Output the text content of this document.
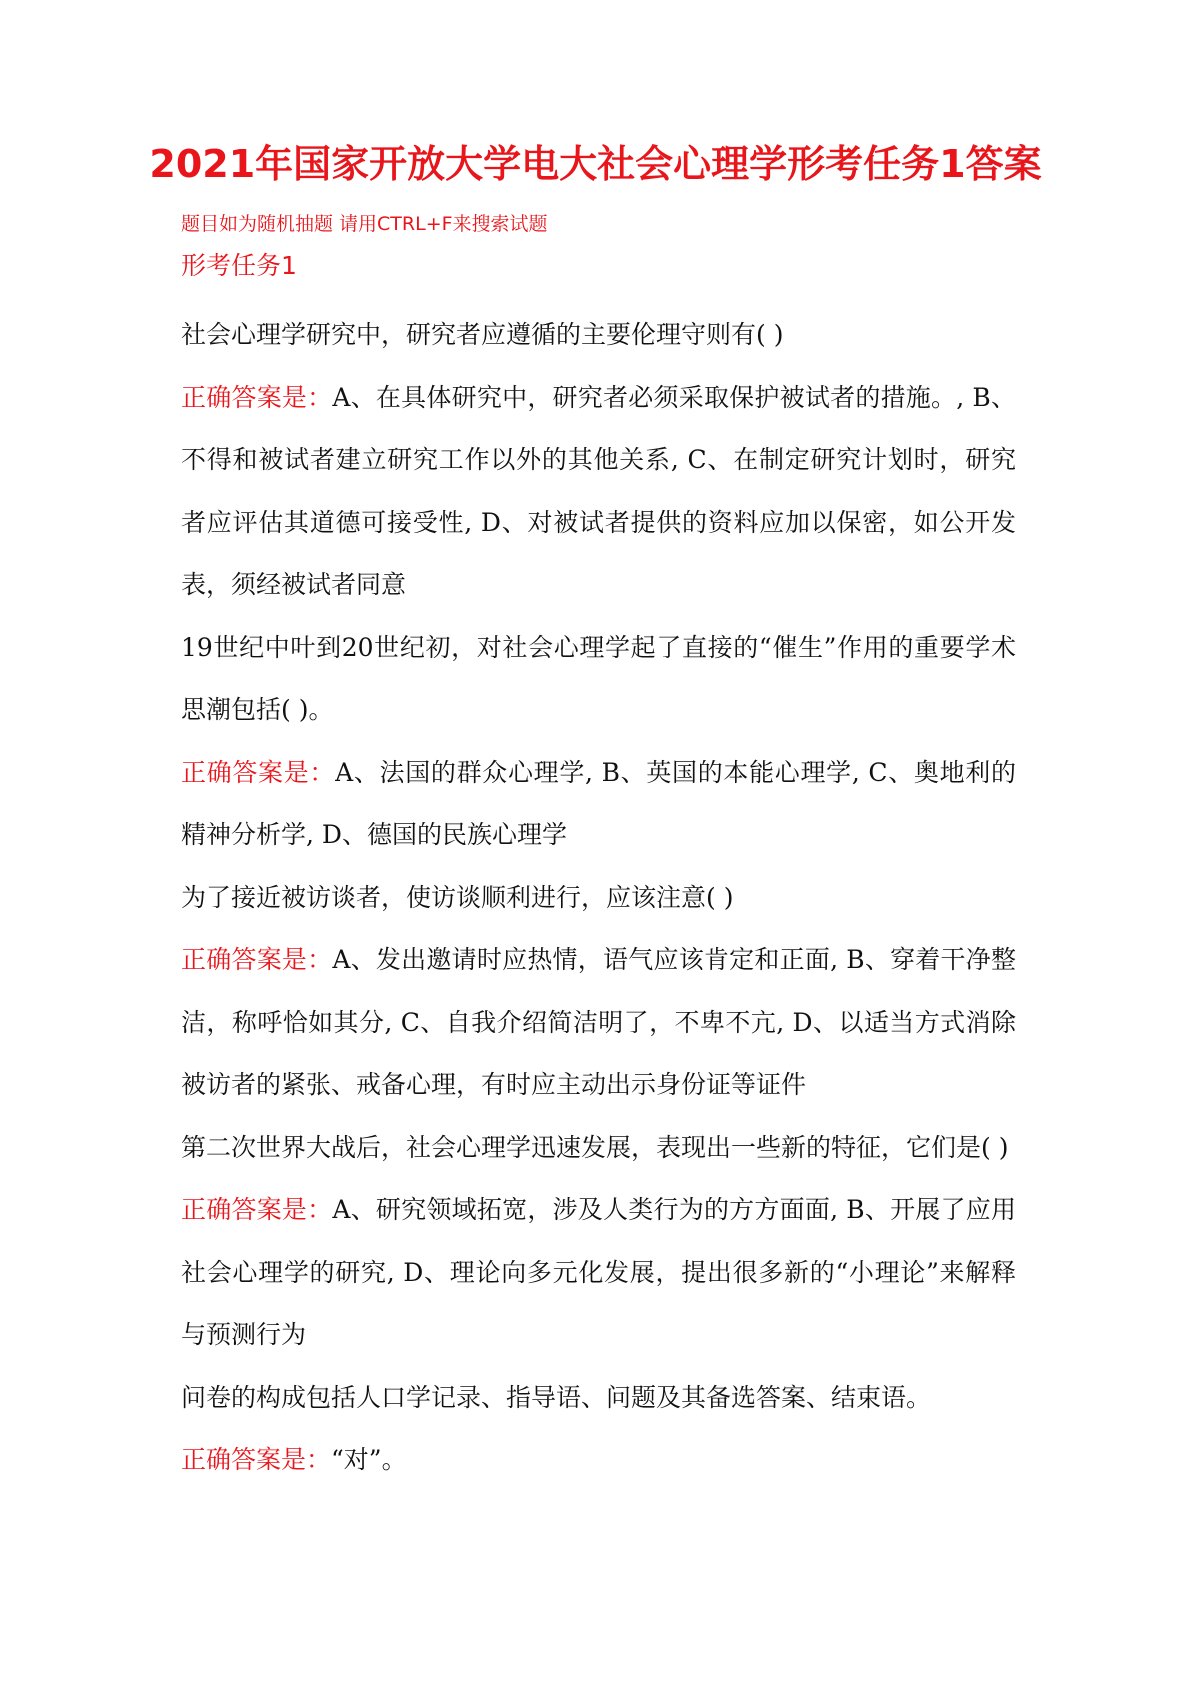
2021年国家开放大学电大社会心理学形考任务1答案
题目如为随机抽题 请用CTRL+F来搜索试题
形考任务1

社会心理学研究中，研究者应遵循的主要伦理守则有( )

正确答案是：A、在具体研究中，研究者必须采取保护被试者的措施。, B、不得和被试者建立研究工作以外的其他关系, C、在制定研究计划时，研究者应评估其道德可接受性, D、对被试者提供的资料应加以保密，如公开发表，须经被试者同意

19世纪中叶到20世纪初，对社会心理学起了直接的“催生”作用的重要学术思潮包括( )。

正确答案是：A、法国的群众心理学, B、英国的本能心理学, C、奥地利的精神分析学, D、德国的民族心理学

为了接近被访谈者，使访谈顺利进行，应该注意( )

正确答案是：A、发出邀请时应热情，语气应该肯定和正面, B、穿着干净整洁，称呼恰如其分, C、自我介绍简洁明了，不卑不亢, D、以适当方式消除被访者的紧张、戒备心理，有时应主动出示身份证等证件

第二次世界大战后，社会心理学迅速发展，表现出一些新的特征，它们是( )

正确答案是：A、研究领域拓宽，涉及人类行为的方方面面, B、开展了应用社会心理学的研究, D、理论向多元化发展，提出很多新的“小理论”来解释与预测行为

问卷的构成包括人口学记录、指导语、问题及其备选答案、结束语。

正确答案是：“对”。
